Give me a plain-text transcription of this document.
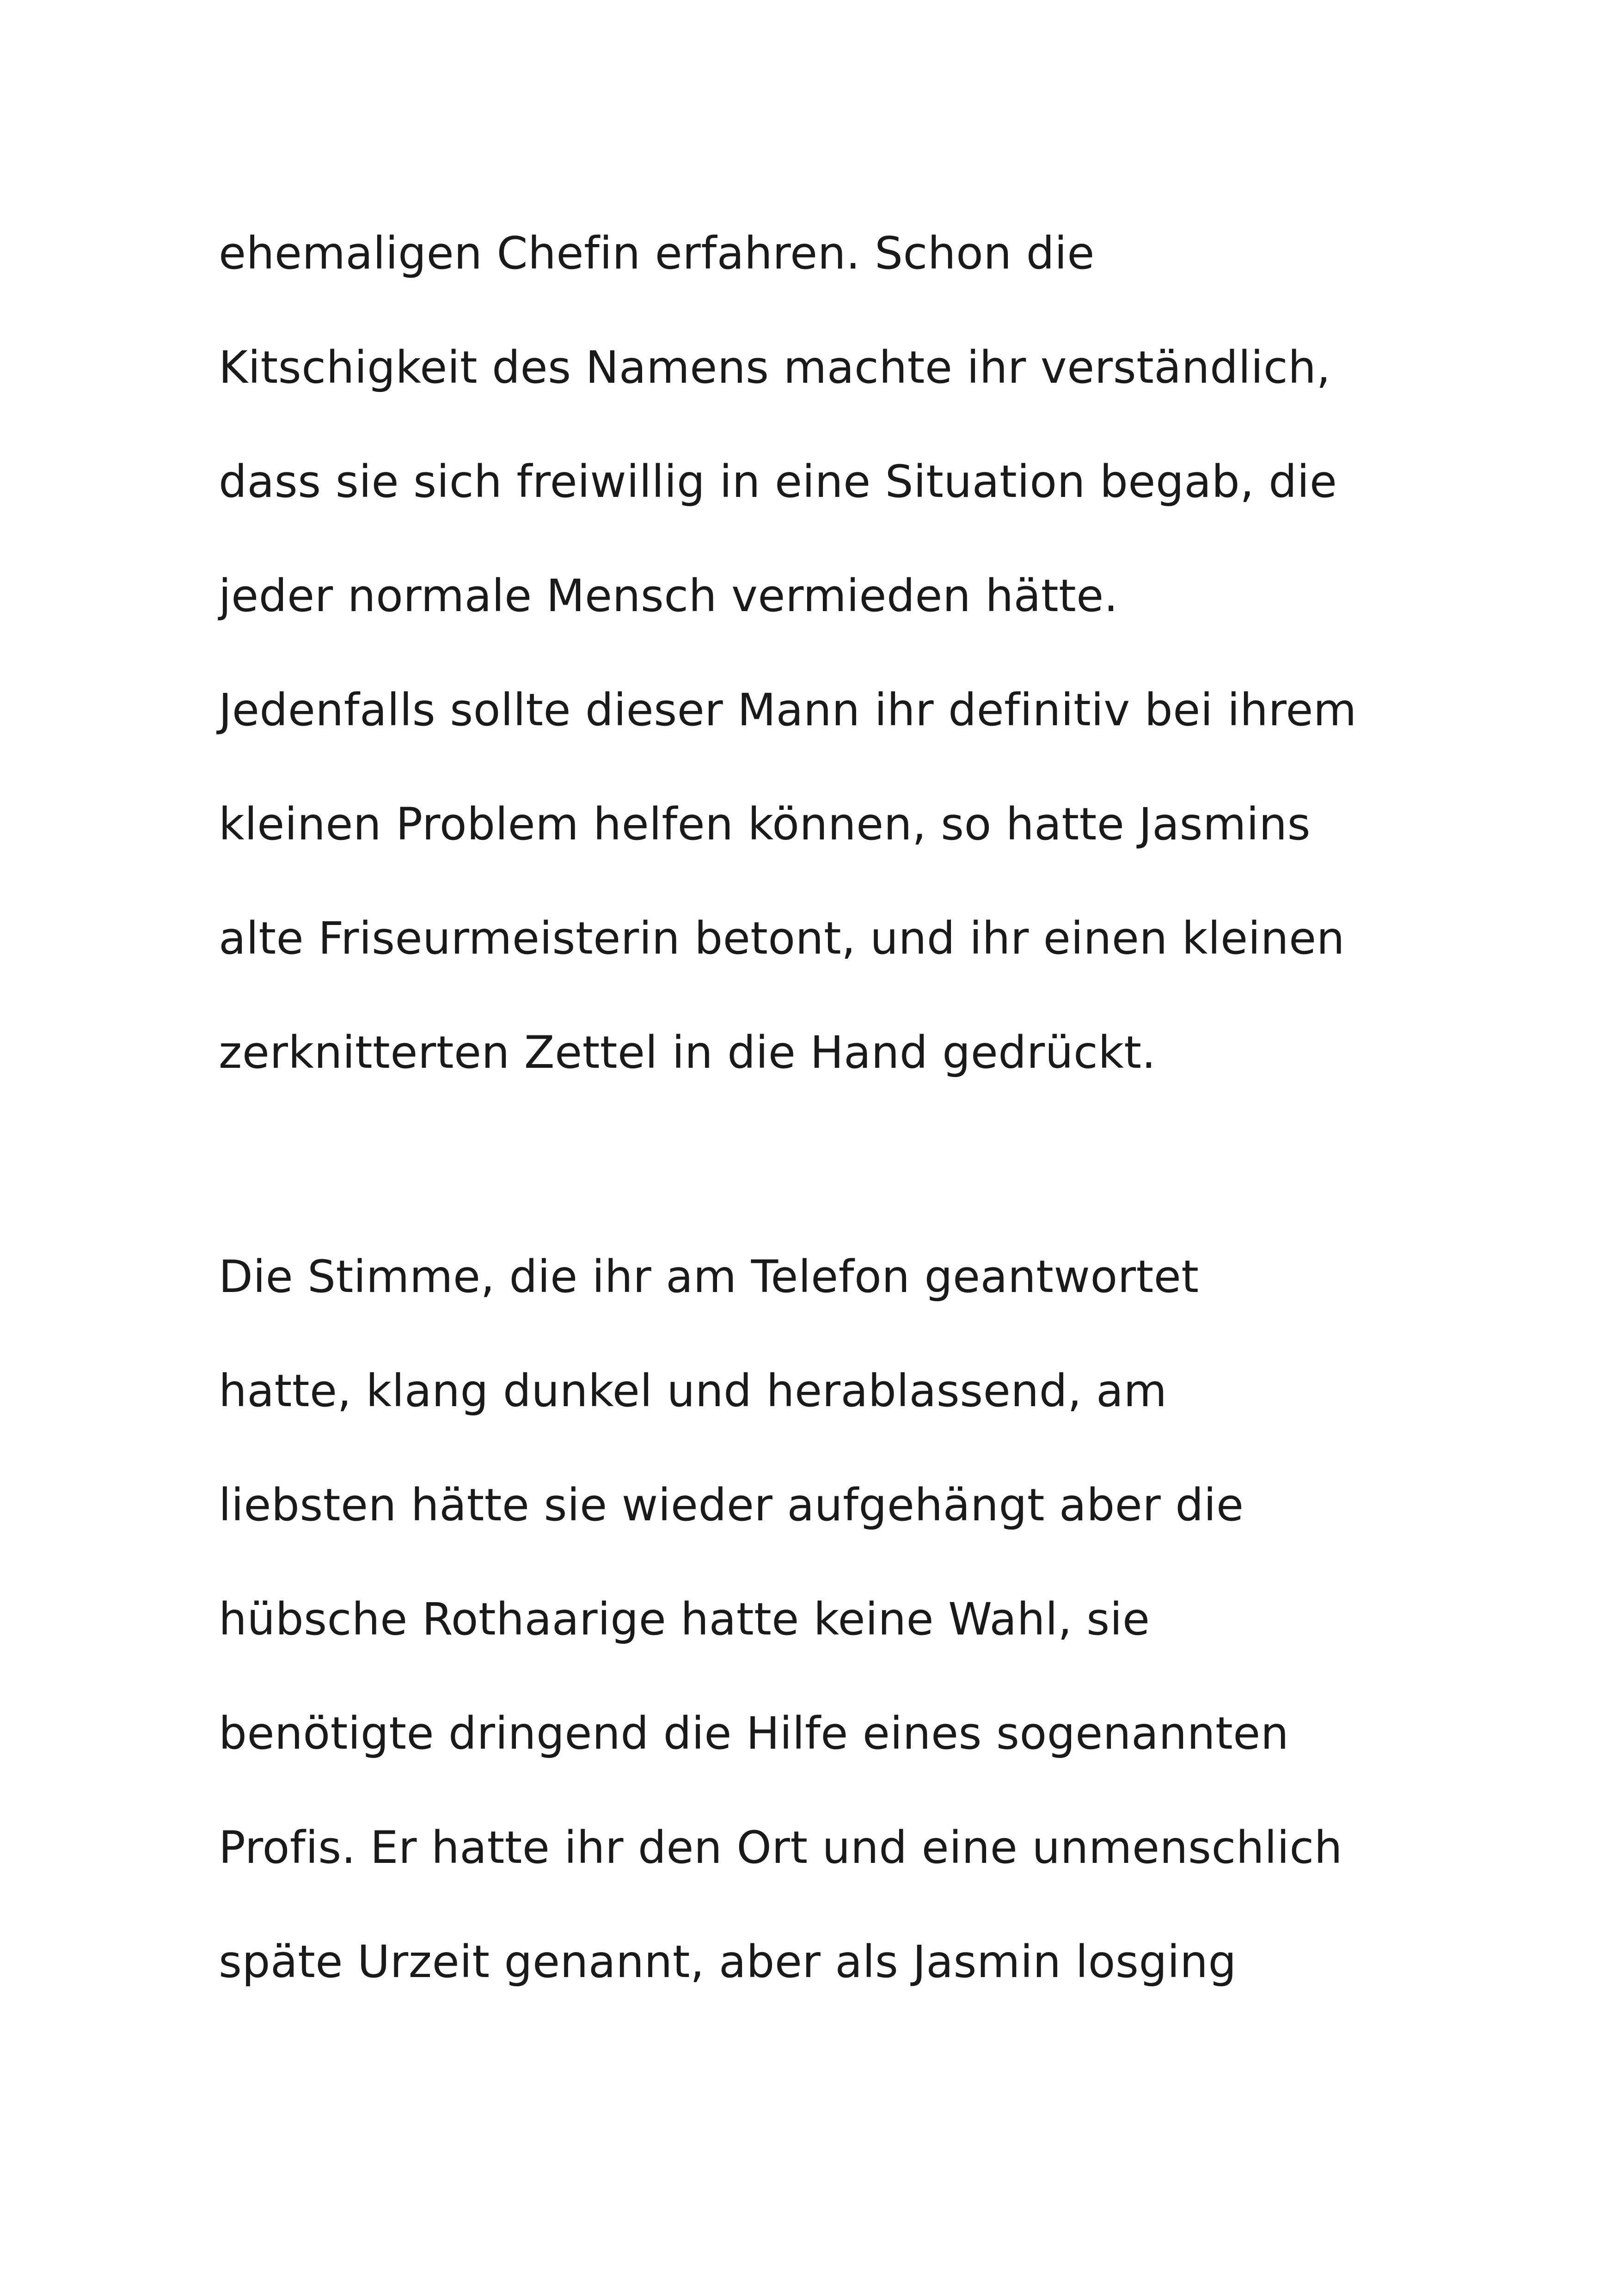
ehemaligen Chefin erfahren. Schon die

Kitschigkeit des Namens machte ihr verständlich,

dass sie sich freiwillig in eine Situation begab, die

jeder normale Mensch vermieden hätte.

Jedenfalls sollte dieser Mann ihr definitiv bei ihrem

kleinen Problem helfen können, so hatte Jasmins

alte Friseurmeisterin betont, und ihr einen kleinen

zerknitterten Zettel in die Hand gedrückt.

Die Stimme, die ihr am Telefon geantwortet

hatte, klang dunkel und herablassend, am

liebsten hätte sie wieder aufgehängt aber die

hübsche Rothaarige hatte keine Wahl, sie

benötigte dringend die Hilfe eines sogenannten

Profis. Er hatte ihr den Ort und eine unmenschlich

späte Urzeit genannt, aber als Jasmin losging
